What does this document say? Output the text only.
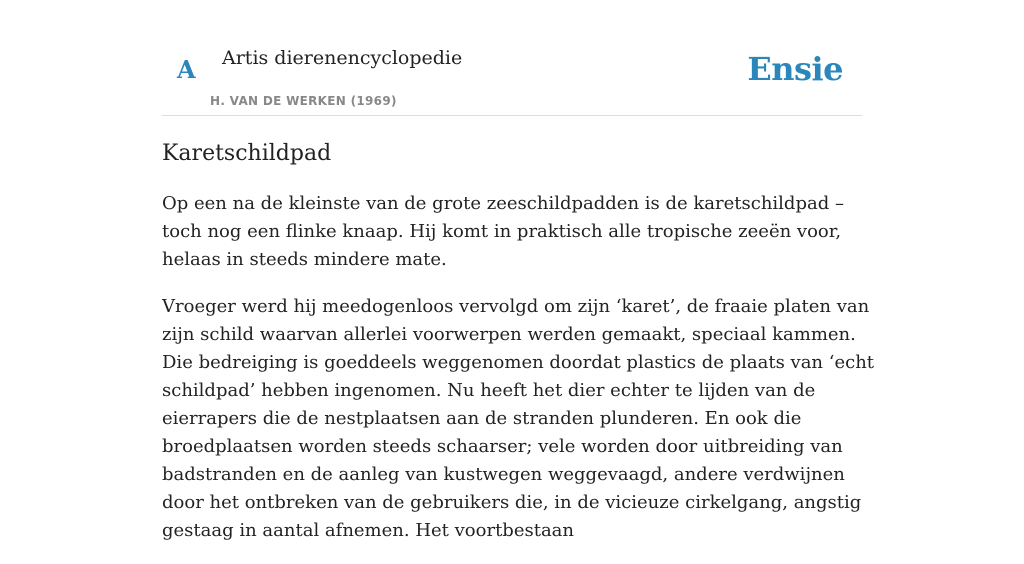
A Artis dierenencyclopedie
H. VAN DE WERKEN (1969)
Ensie
Karetschildpad

Op een na de kleinste van de grote zeeschildpadden is de karetschildpad – toch nog een flinke knaap. Hij komt in praktisch alle tropische zeeën voor, helaas in steeds mindere mate.

Vroeger werd hij meedogenloos vervolgd om zijn ‘karet’, de fraaie platen van zijn schild waarvan allerlei voorwerpen werden gemaakt, speciaal kammen. Die bedreiging is goeddeels weggenomen doordat plastics de plaats van ‘echt schildpad’ hebben ingenomen. Nu heeft het dier echter te lijden van de eierrapers die de nestplaatsen aan de stranden plunderen. En ook die broedplaatsen worden steeds schaarser; vele worden door uitbreiding van badstranden en de aanleg van kustwegen weggevaagd, andere verdwijnen door het ontbreken van de gebruikers die, in de vicieuze cirkelgang, angstig gestaag in aantal afnemen. Het voortbestaan
